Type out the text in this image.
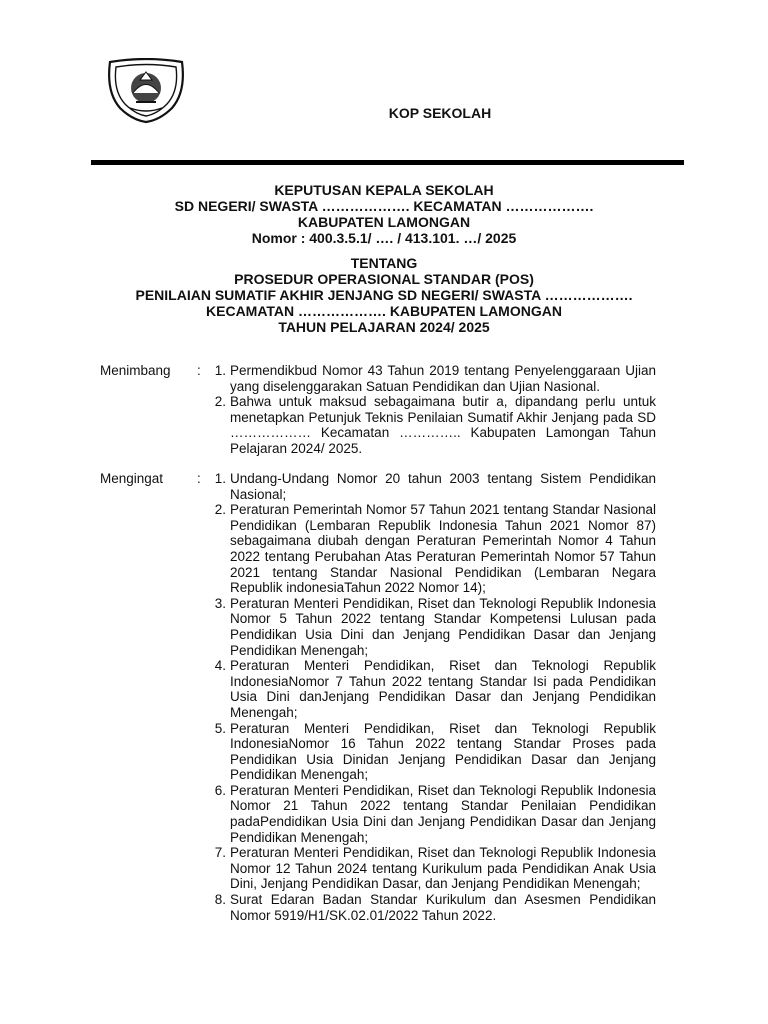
KOP SEKOLAH
KEPUTUSAN KEPALA SEKOLAH
SD NEGERI/ SWASTA ………………. KECAMATAN ……………….
KABUPATEN LAMONGAN
Nomor : 400.3.5.1/ …. / 413.101. …/ 2025
TENTANG
PROSEDUR OPERASIONAL STANDAR (POS)
PENILAIAN SUMATIF AKHIR JENJANG SD NEGERI/ SWASTA ……………….
KECAMATAN ………………. KABUPATEN LAMONGAN
TAHUN PELAJARAN 2024/ 2025
Menimbang :	1. Permendikbud Nomor 43 Tahun 2019 tentang Penyelenggaraan Ujian yang diselenggarakan Satuan Pendidikan dan Ujian Nasional.
2. Bahwa untuk maksud sebagaimana butir a, dipandang perlu untuk menetapkan Petunjuk Teknis Penilaian Sumatif Akhir Jenjang pada SD ……………… Kecamatan ………….. Kabupaten Lamongan Tahun Pelajaran 2024/ 2025.
Mengingat	:	1. Undang-Undang Nomor 20 tahun 2003 tentang Sistem Pendidikan Nasional;
2. Peraturan Pemerintah Nomor 57 Tahun 2021 tentang Standar Nasional Pendidikan (Lembaran Republik Indonesia Tahun 2021 Nomor 87) sebagaimana diubah dengan Peraturan Pemerintah Nomor 4 Tahun 2022 tentang Perubahan Atas Peraturan Pemerintah Nomor 57 Tahun 2021 tentang Standar Nasional Pendidikan (Lembaran Negara Republik indonesiaTahun 2022 Nomor 14);
3. Peraturan Menteri Pendidikan, Riset dan Teknologi Republik Indonesia Nomor 5 Tahun 2022 tentang Standar Kompetensi Lulusan pada Pendidikan Usia Dini dan Jenjang Pendidikan Dasar dan Jenjang Pendidikan Menengah;
4. Peraturan Menteri Pendidikan, Riset dan Teknologi Republik IndonesiaNomor 7 Tahun 2022 tentang Standar Isi pada Pendidikan Usia Dini danJenjang Pendidikan Dasar dan Jenjang Pendidikan Menengah;
5. Peraturan Menteri Pendidikan, Riset dan Teknologi Republik IndonesiaNomor 16 Tahun 2022 tentang Standar Proses pada Pendidikan Usia Dinidan Jenjang Pendidikan Dasar dan Jenjang Pendidikan Menengah;
6. Peraturan Menteri Pendidikan, Riset dan Teknologi Republik Indonesia Nomor 21 Tahun 2022 tentang Standar Penilaian Pendidikan padaPendidikan Usia Dini dan Jenjang Pendidikan Dasar dan Jenjang Pendidikan Menengah;
7. Peraturan Menteri Pendidikan, Riset dan Teknologi Republik Indonesia Nomor 12 Tahun 2024 tentang Kurikulum pada Pendidikan Anak Usia Dini, Jenjang Pendidikan Dasar, dan Jenjang Pendidikan Menengah;
8. Surat Edaran Badan Standar Kurikulum dan Asesmen Pendidikan Nomor 5919/H1/SK.02.01/2022 Tahun 2022.
